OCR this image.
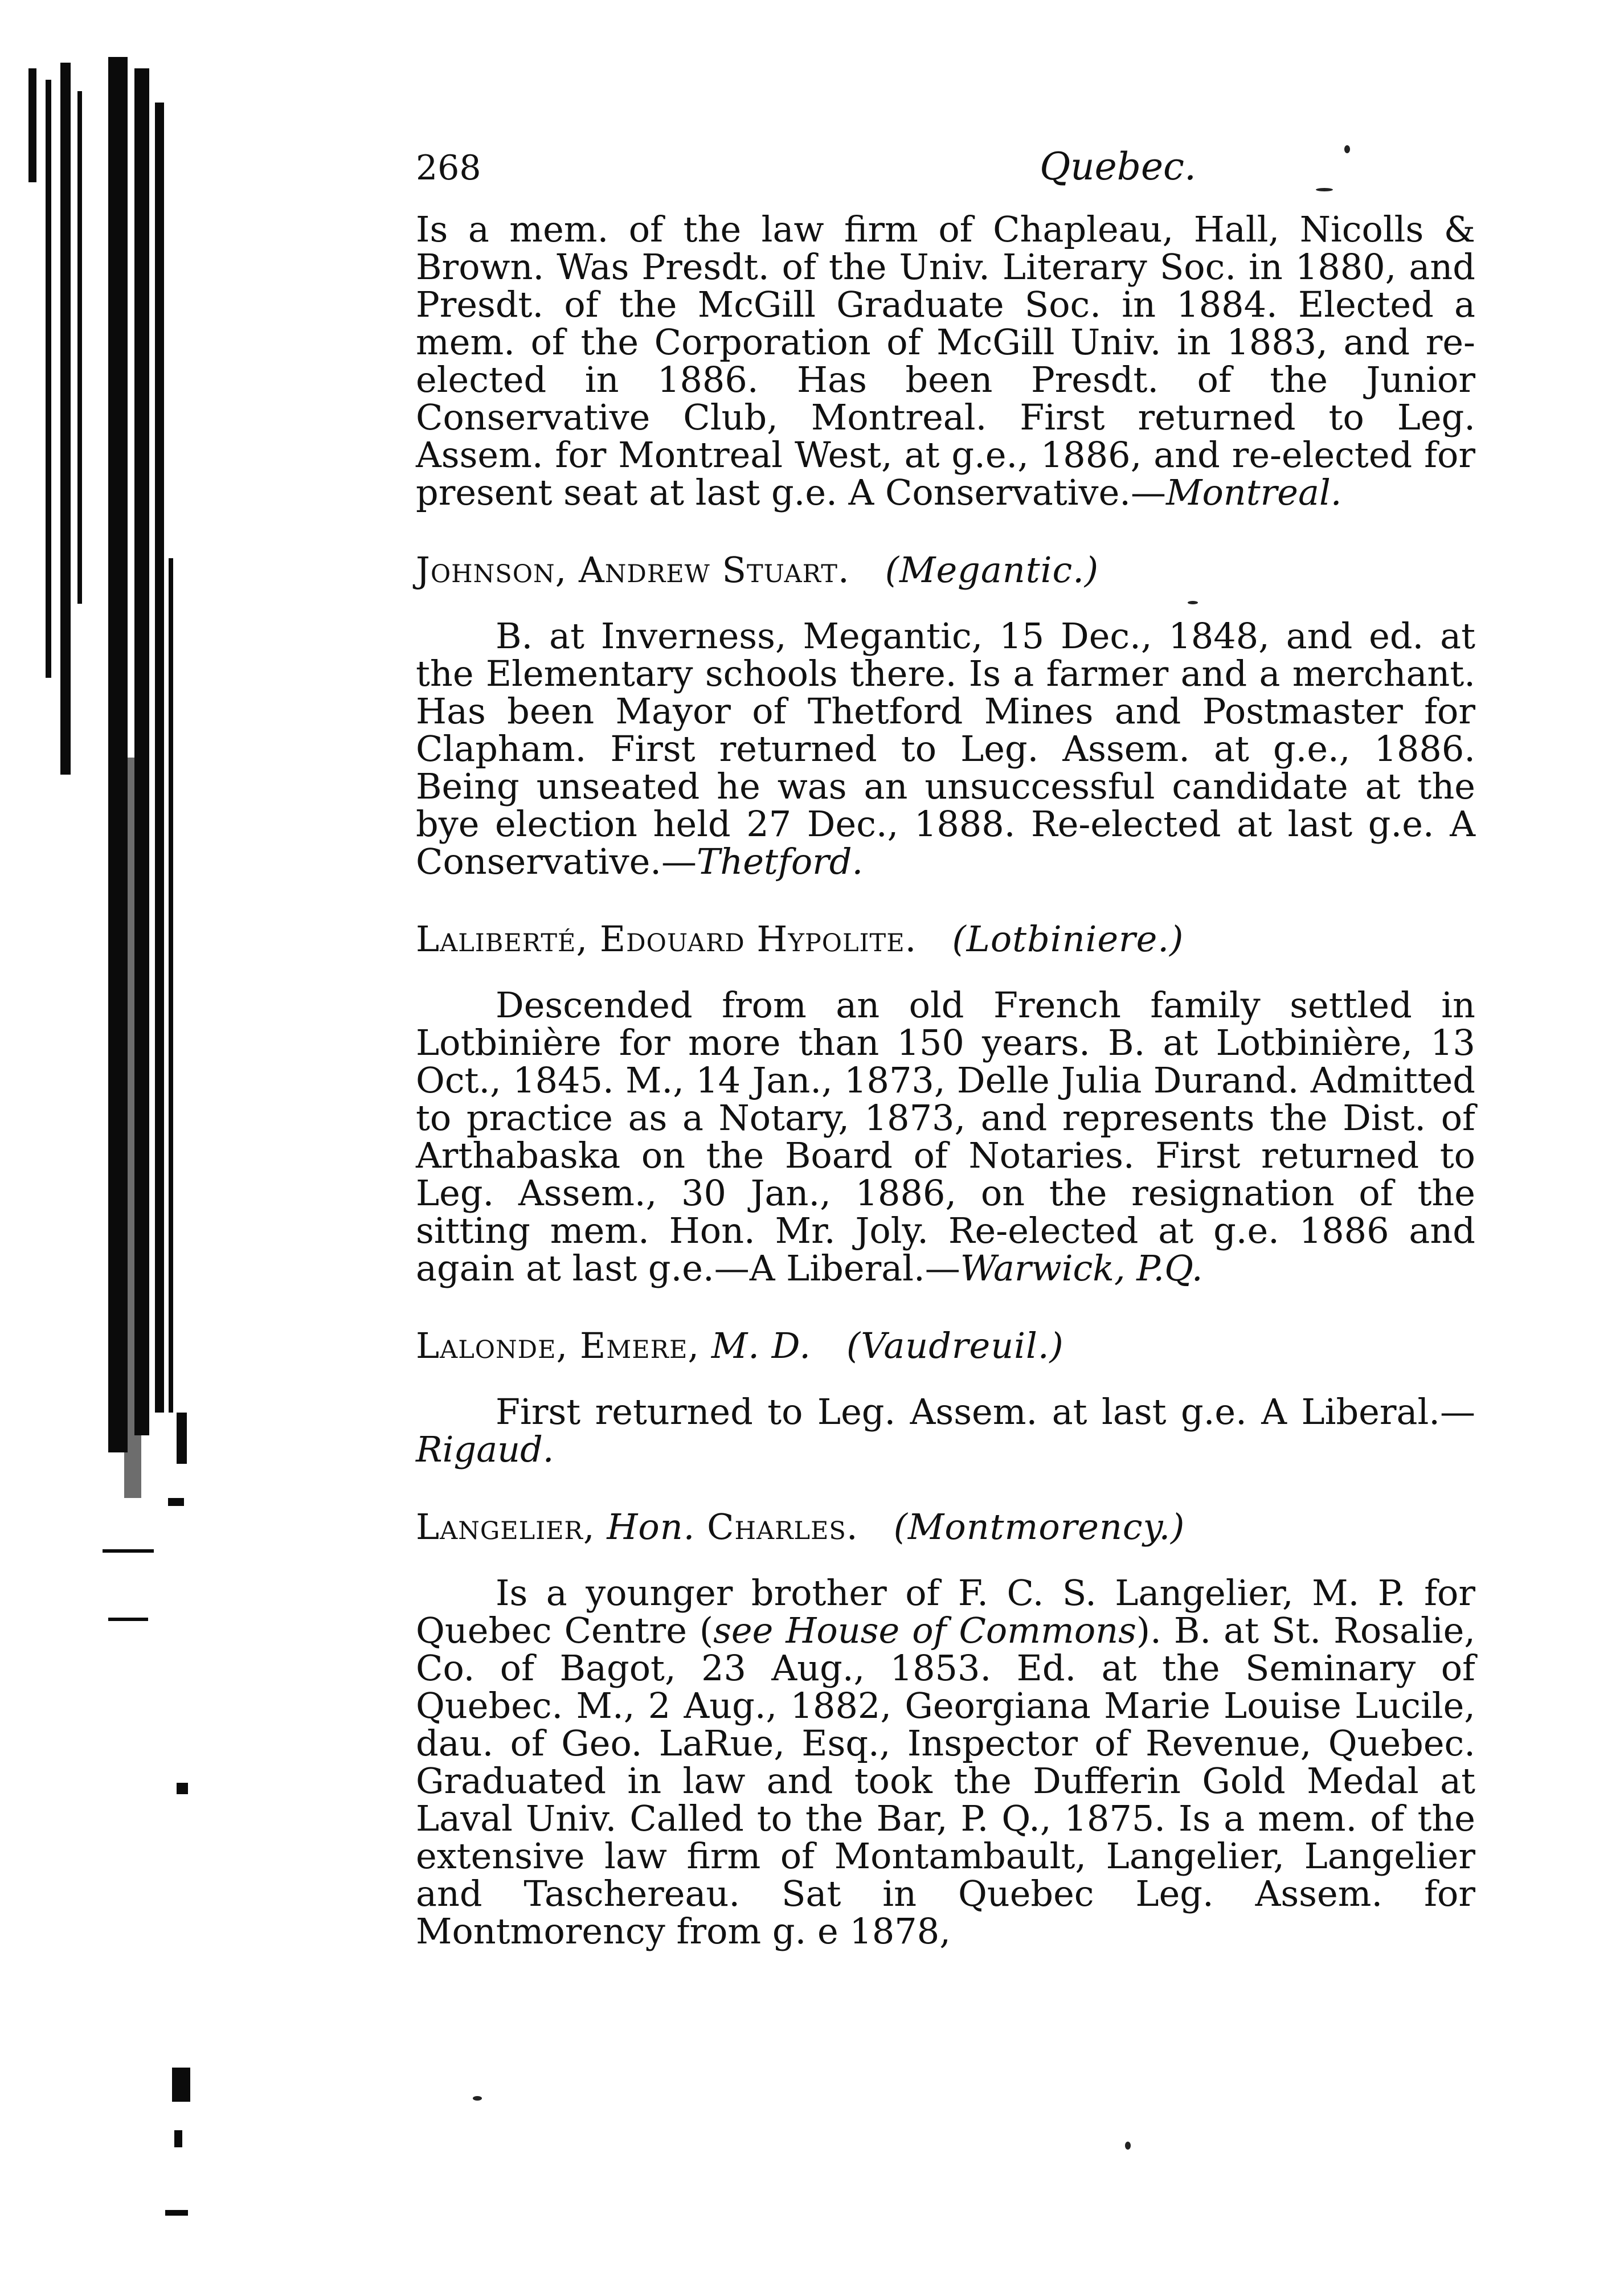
268	Quebec.

Is a mem. of the law firm of Chapleau, Hall, Nicolls & Brown. Was Presdt. of the Univ. Literary Soc. in 1880, and Presdt. of the McGill Graduate Soc. in 1884. Elected a mem. of the Corporation of McGill Univ. in 1883, and re-elected in 1886. Has been Presdt. of the Junior Conservative Club, Montreal. First returned to Leg. Assem. for Montreal West, at g.e., 1886, and re-elected for present seat at last g.e. A Conservative.—Montreal.

Johnson, Andrew Stuart. (Megantic.)

B. at Inverness, Megantic, 15 Dec., 1848, and ed. at the Elementary schools there. Is a farmer and a merchant. Has been Mayor of Thetford Mines and Postmaster for Clapham. First returned to Leg. Assem. at g.e., 1886. Being unseated he was an unsuccessful candidate at the bye election held 27 Dec., 1888. Re-elected at last g.e. A Conservative.—Thetford.

Laliberté, Edouard Hypolite. (Lotbiniere.)

Descended from an old French family settled in Lotbinière for more than 150 years. B. at Lotbinière, 13 Oct., 1845. M., 14 Jan., 1873, Delle Julia Durand. Admitted to practice as a Notary, 1873, and represents the Dist. of Arthabaska on the Board of Notaries. First returned to Leg. Assem., 30 Jan., 1886, on the resignation of the sitting mem. Hon. Mr. Joly. Re-elected at g.e. 1886 and again at last g.e.—A Liberal.—Warwick, P.Q.

Lalonde, Emere, M. D. (Vaudreuil.)

First returned to Leg. Assem. at last g.e. A Liberal.—Rigaud.

Langelier, Hon. Charles. (Montmorency.)

Is a younger brother of F. C. S. Langelier, M. P. for Quebec Centre (see House of Commons). B. at St. Rosalie, Co. of Bagot, 23 Aug., 1853. Ed. at the Seminary of Quebec. M., 2 Aug., 1882, Georgiana Marie Louise Lucile, dau. of Geo. LaRue, Esq., Inspector of Revenue, Quebec. Graduated in law and took the Dufferin Gold Medal at Laval Univ. Called to the Bar, P. Q., 1875. Is a mem. of the extensive law firm of Montambault, Langelier, Langelier and Taschereau. Sat in Quebec Leg. Assem. for Montmorency from g. e 1878,
